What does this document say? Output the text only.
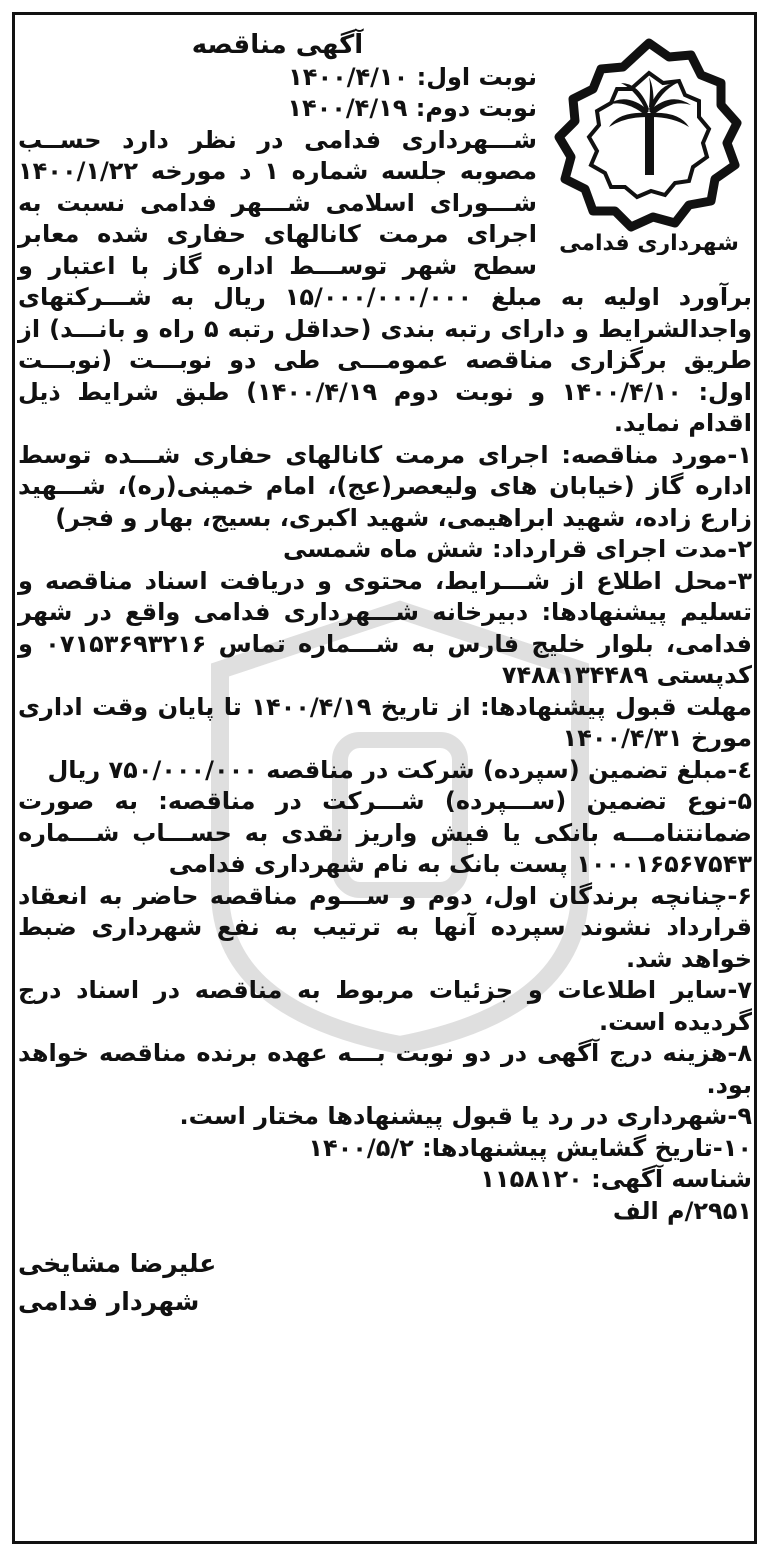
شهرداری فدامی

آگهی مناقصه

نوبت اول: ۱۴۰۰/۴/۱۰

نوبت دوم: ۱۴۰۰/۴/۱۹

شـــهرداری فدامی در نظر دارد حســب مصوبه جلسه شماره ۱ د مورخه ۱۴۰۰/۱/۲۲ شـــورای اسلامی شـــهر فدامی نسبت به اجرای مرمت کانالهای حفاری شده معابر سطح شهر توســـط اداره گاز با اعتبار و برآورد اولیه به مبلغ ۱۵/۰۰۰/۰۰۰/۰۰۰ ریال به شـــرکتهای واجدالشرایط و دارای رتبه بندی (حداقل رتبه ۵ راه و بانـــد) از طریق برگزاری مناقصه عمومـــی طی دو نوبـــت (نوبـــت اول: ۱۴۰۰/۴/۱۰ و نوبت دوم ۱۴۰۰/۴/۱۹) طبق شرایط ذیل اقدام نماید.

۱-مورد مناقصه: اجرای مرمت کانالهای حفاری شـــده توسط اداره گاز (خیابان های ولیعصر(عج)، امام خمینی(ره)، شـــهید زارع زاده، شهید ابراهیمی، شهید اکبری، بسیج، بهار و فجر)

۲-مدت اجرای قرارداد: شش ماه شمسی

۳-محل اطلاع از شـــرایط، محتوی و دریافت اسناد مناقصه و تسلیم پیشنهادها: دبیرخانه شـــهرداری فدامی واقع در شهر فدامی، بلوار خلیج فارس به شـــماره تماس ۰۷۱۵۳۶۹۳۲۱۶ و کدپستی ۷۴۸۸۱۳۴۴۸۹

مهلت قبول پیشنهادها: از تاریخ ۱۴۰۰/۴/۱۹ تا پایان وقت اداری مورخ ۱۴۰۰/۴/۳۱

٤-مبلغ تضمین (سپرده) شرکت در مناقصه ۷۵۰/۰۰۰/۰۰۰ ریال

۵-نوع تضمین (ســـپرده) شـــرکت در مناقصه: به صورت ضمانتنامـــه بانکی یا فیش واریز نقدی به حســـاب شـــماره ۱۰۰۰۱۶۵۶۷۵۴۳ پست بانک به نام شهرداری فدامی

۶-چنانچه برندگان اول، دوم و ســـوم مناقصه حاضر به انعقاد قرارداد نشوند سپرده آنها به ترتیب به نفع شهرداری ضبط خواهد شد.

۷-سایر اطلاعات و جزئیات مربوط به مناقصه در اسناد درج گردیده است.

۸-هزینه درج آگهی در دو نوبت بـــه عهده برنده مناقصه خواهد بود.

۹-شهرداری در رد یا قبول پیشنهادها مختار است.

۱۰-تاریخ گشایش پیشنهادها: ۱۴۰۰/۵/۲

شناسه آگهی: ۱۱۵۸۱۲۰

۲۹۵۱/م الف

علیرضا مشایخی
شهردار فدامی
